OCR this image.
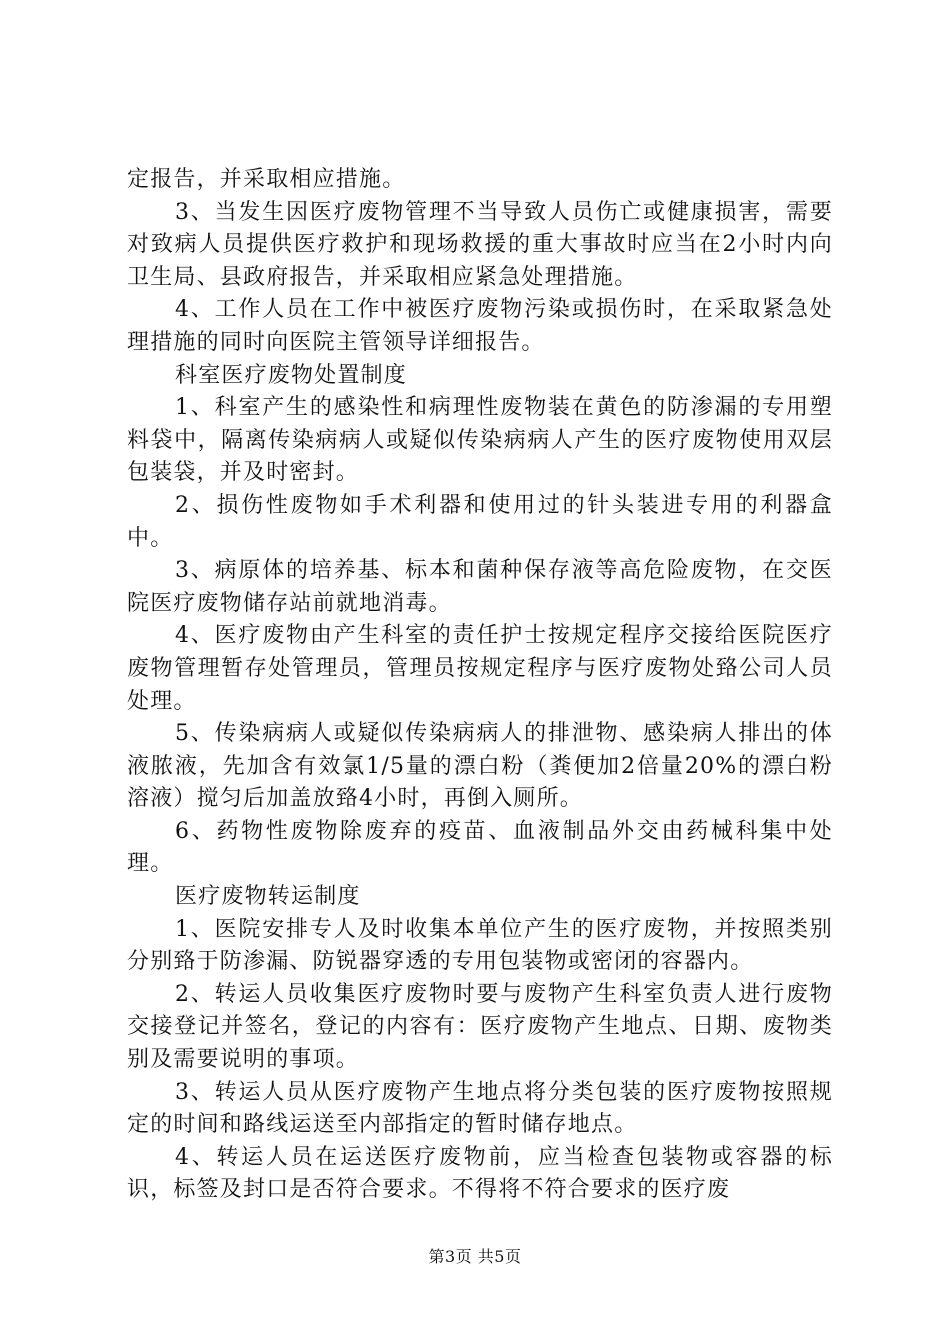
定报告，并采取相应措施。

3、当发生因医疗废物管理不当导致人员伤亡或健康损害，需要对致病人员提供医疗救护和现场救援的重大事故时应当在2小时内向卫生局、县政府报告，并采取相应紧急处理措施。

4、工作人员在工作中被医疗废物污染或损伤时，在采取紧急处理措施的同时向医院主管领导详细报告。

科室医疗废物处置制度

1、科室产生的感染性和病理性废物装在黄色的防渗漏的专用塑料袋中，隔离传染病病人或疑似传染病病人产生的医疗废物使用双层包装袋，并及时密封。

2、损伤性废物如手术利器和使用过的针头装进专用的利器盒中。

3、病原体的培养基、标本和菌种保存液等高危险废物，在交医院医疗废物储存站前就地消毒。

4、医疗废物由产生科室的责任护士按规定程序交接给医院医疗废物管理暂存处管理员，管理员按规定程序与医疗废物处臵公司人员处理。

5、传染病病人或疑似传染病病人的排泄物、感染病人排出的体液脓液，先加含有效氯1/5量的漂白粉（粪便加2倍量20%的漂白粉溶液）搅匀后加盖放臵4小时，再倒入厕所。

6、药物性废物除废弃的疫苗、血液制品外交由药械科集中处理。

医疗废物转运制度

1、医院安排专人及时收集本单位产生的医疗废物，并按照类别分别臵于防渗漏、防锐器穿透的专用包装物或密闭的容器内。

2、转运人员收集医疗废物时要与废物产生科室负责人进行废物交接登记并签名，登记的内容有：医疗废物产生地点、日期、废物类别及需要说明的事项。

3、转运人员从医疗废物产生地点将分类包装的医疗废物按照规定的时间和路线运送至内部指定的暂时储存地点。

4、转运人员在运送医疗废物前，应当检查包装物或容器的标识，标签及封口是否符合要求。不得将不符合要求的医疗废

第3页 共5页
